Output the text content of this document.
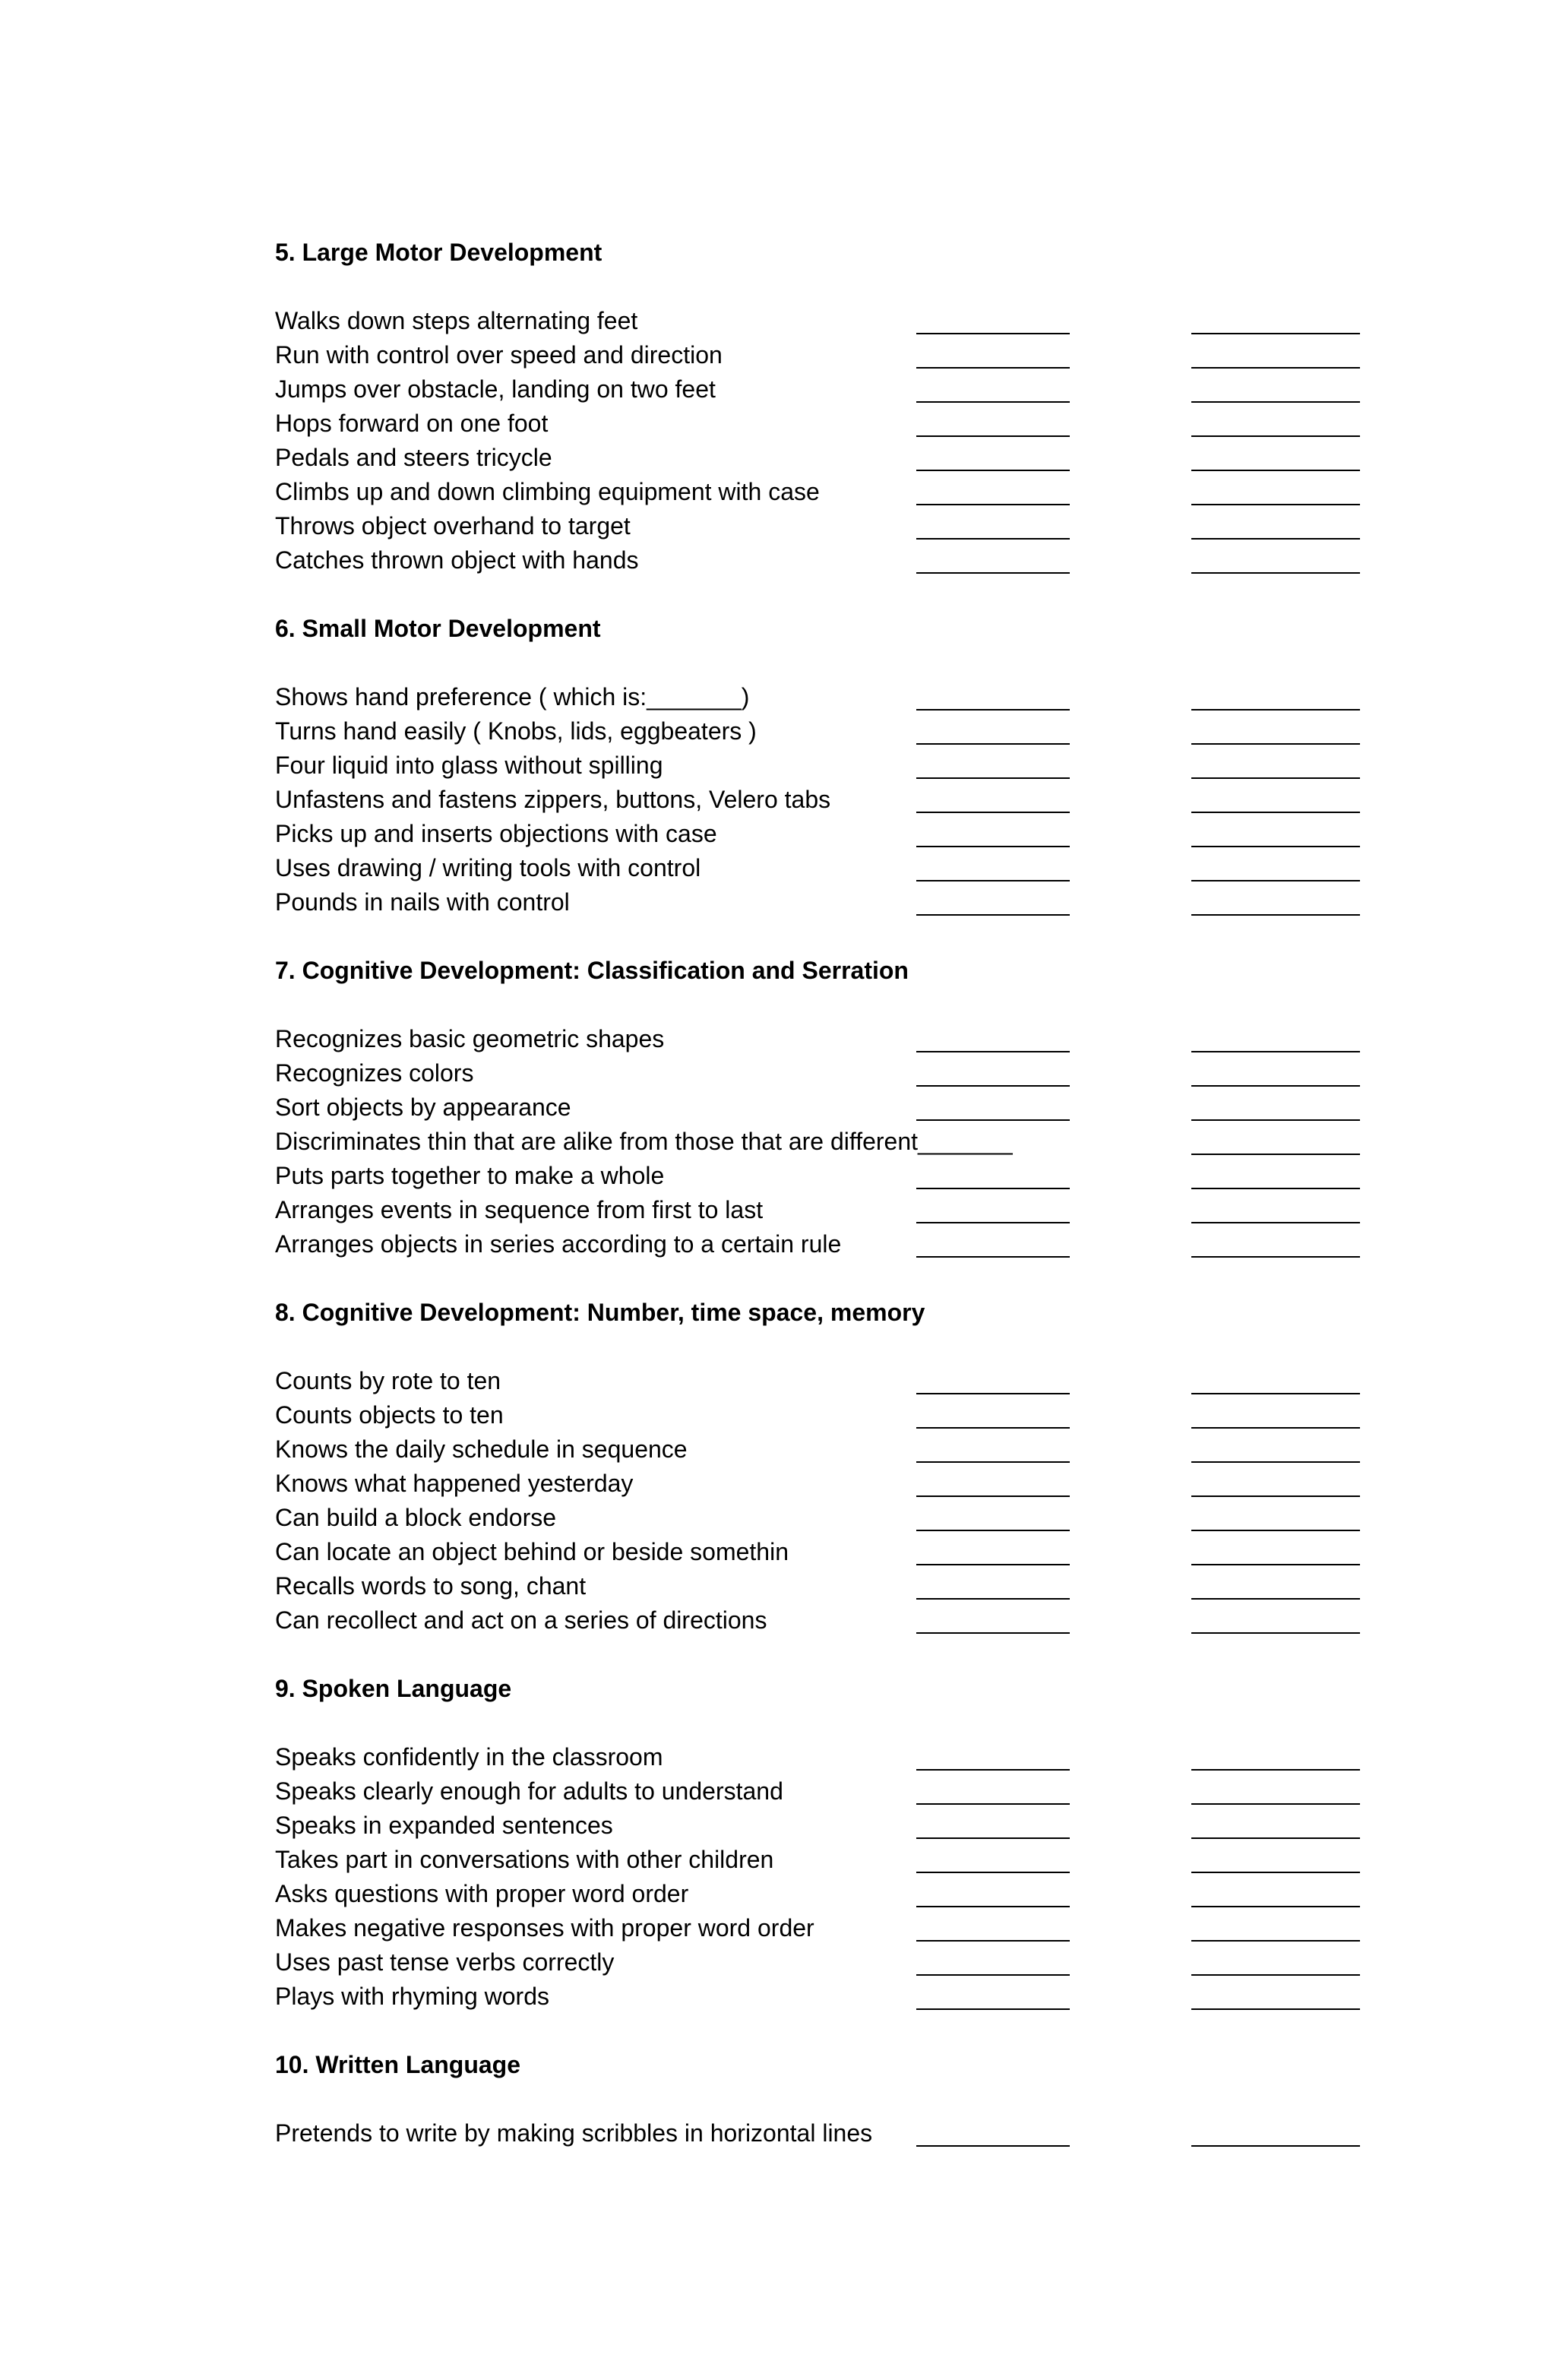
5. Large Motor Development
Walks down steps alternating feet
Run with control over speed and direction
Jumps over obstacle, landing on two feet
Hops forward on one foot
Pedals and steers tricycle
Climbs up and down climbing equipment with case
Throws object overhand to target
Catches thrown object with hands
6. Small Motor Development
Shows hand preference ( which is:_______)
Turns hand easily ( Knobs, lids, eggbeaters )
Four liquid into glass without spilling
Unfastens and fastens zippers, buttons, Velero tabs
Picks up and inserts objections with case
Uses drawing / writing tools with control
Pounds in nails with control
7. Cognitive Development: Classification and Serration
Recognizes basic geometric shapes
Recognizes colors
Sort objects by appearance
Discriminates thin that are alike from those that are different_______
Puts parts together to make a whole
Arranges events in sequence from first to last
Arranges objects in series according to a certain rule
8. Cognitive Development: Number, time space, memory
Counts by rote to ten
Counts objects to ten
Knows the daily schedule in sequence
Knows what happened yesterday
Can build a block endorse
Can locate an object behind or beside somethin
Recalls words to song, chant
Can recollect and act on a series of directions
9. Spoken Language
Speaks confidently in the classroom
Speaks clearly enough for adults to understand
Speaks in expanded sentences
Takes part in conversations with other children
Asks questions with proper word order
Makes negative responses with proper word order
Uses past tense verbs correctly
Plays with rhyming words
10. Written Language
Pretends to write by making scribbles in horizontal lines
